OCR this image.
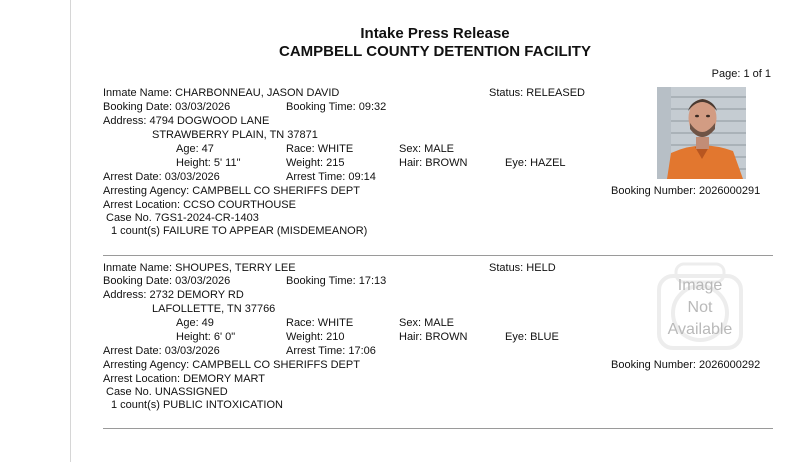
Intake Press Release
CAMPBELL COUNTY DETENTION FACILITY
Page: 1 of 1
Inmate Name: CHARBONNEAU, JASON DAVID	Status: RELEASED
Booking Date: 03/03/2026	Booking Time: 09:32
Address: 4794 DOGWOOD LANE
STRAWBERRY PLAIN, TN 37871
Age: 47	Race: WHITE	Sex: MALE
Height: 5' 11"	Weight: 215	Hair: BROWN	Eye: HAZEL
Arrest Date: 03/03/2026	Arrest Time: 09:14
Arresting Agency: CAMPBELL CO SHERIFFS DEPT	Booking Number: 2026000291
Arrest Location: CCSO COURTHOUSE
Case No. 7GS1-2024-CR-1403
1 count(s) FAILURE TO APPEAR (MISDEMEANOR)
Inmate Name: SHOUPES, TERRY LEE	Status: HELD
Booking Date: 03/03/2026	Booking Time: 17:13
Address: 2732 DEMORY RD
LAFOLLETTE, TN 37766
Age: 49	Race: WHITE	Sex: MALE
Height: 6' 0"	Weight: 210	Hair: BROWN	Eye: BLUE
Arrest Date: 03/03/2026	Arrest Time: 17:06
Arresting Agency: CAMPBELL CO SHERIFFS DEPT	Booking Number: 2026000292
Arrest Location: DEMORY MART
Case No. UNASSIGNED
1 count(s) PUBLIC INTOXICATION
Image
Not
Available
